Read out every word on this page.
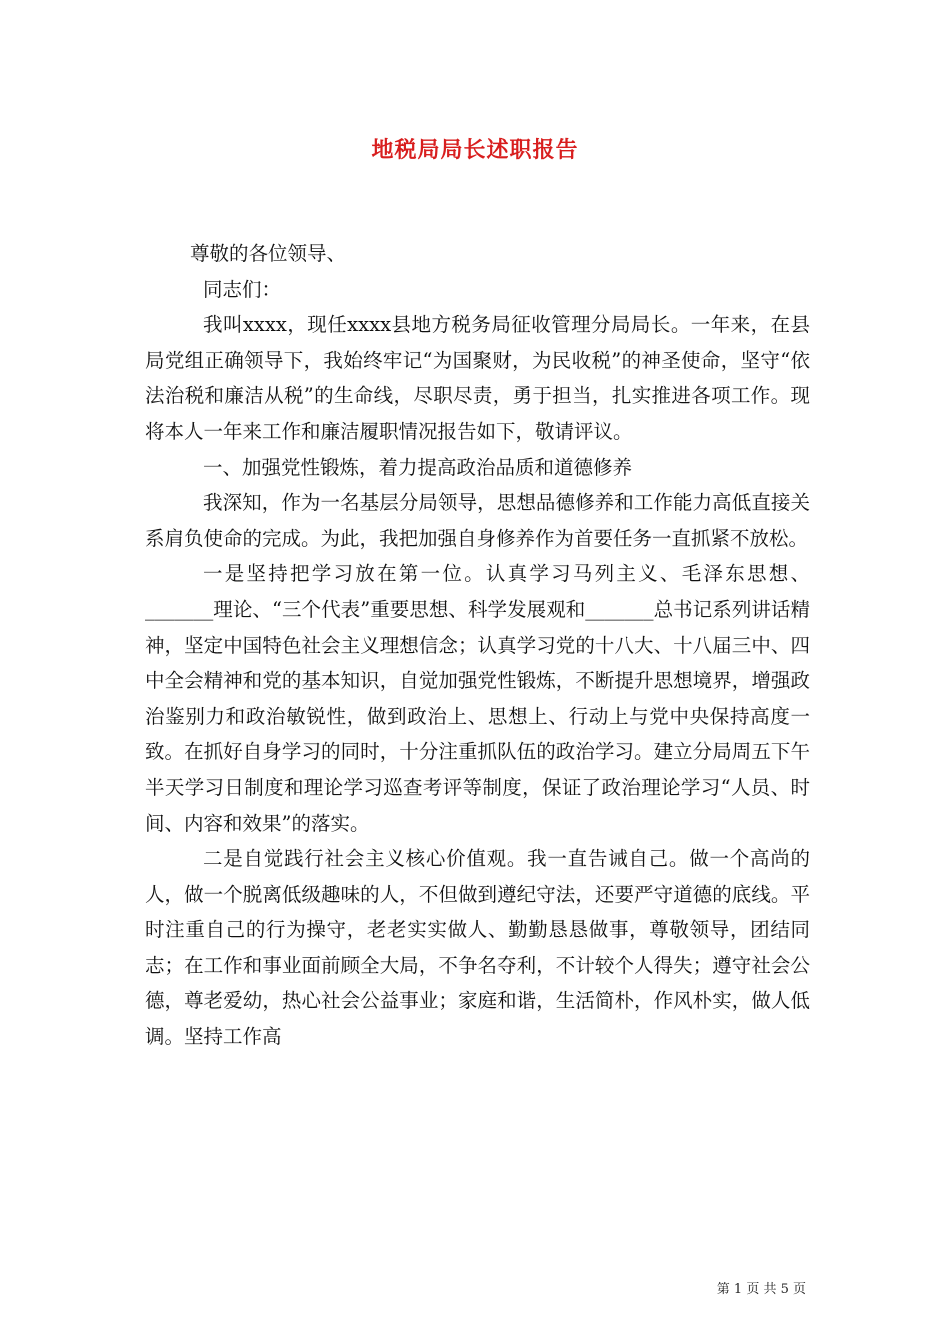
地税局局长述职报告

尊敬的各位领导、

同志们：

我叫xxxx，现任xxxx县地方税务局征收管理分局局长。一年来，在县局党组正确领导下，我始终牢记“为国聚财，为民收税”的神圣使命，坚守“依法治税和廉洁从税”的生命线，尽职尽责，勇于担当，扎实推进各项工作。现将本人一年来工作和廉洁履职情况报告如下，敬请评议。

一、加强党性锻炼，着力提高政治品质和道德修养

我深知，作为一名基层分局领导，思想品德修养和工作能力高低直接关系肩负使命的完成。为此，我把加强自身修养作为首要任务一直抓紧不放松。

一是坚持把学习放在第一位。认真学习马列主义、毛泽东思想、_______理论、“三个代表”重要思想、科学发展观和_______总书记系列讲话精神，坚定中国特色社会主义理想信念；认真学习党的十八大、十八届三中、四中全会精神和党的基本知识，自觉加强党性锻炼，不断提升思想境界，增强政治鉴别力和政治敏锐性，做到政治上、思想上、行动上与党中央保持高度一致。在抓好自身学习的同时，十分注重抓队伍的政治学习。建立分局周五下午半天学习日制度和理论学习巡查考评等制度，保证了政治理论学习“人员、时间、内容和效果”的落实。

二是自觉践行社会主义核心价值观。我一直告诫自己。做一个高尚的人，做一个脱离低级趣味的人，不但做到遵纪守法，还要严守道德的底线。平时注重自己的行为操守，老老实实做人、勤勤恳恳做事，尊敬领导，团结同志；在工作和事业面前顾全大局，不争名夺利，不计较个人得失；遵守社会公德，尊老爱幼，热心社会公益事业；家庭和谐，生活简朴，作风朴实，做人低调。坚持工作高

第 1 页 共 5 页
